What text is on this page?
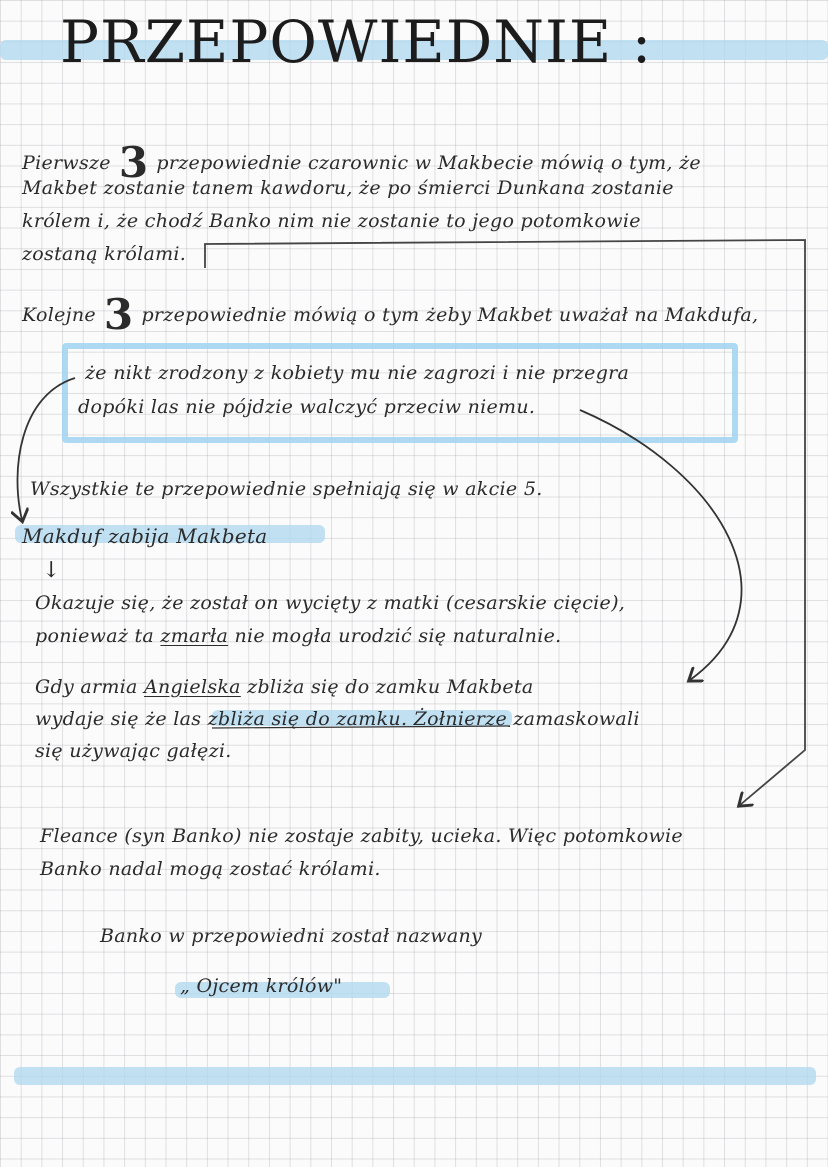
PRZEPOWIEDNIE :
Pierwsze 3 przepowiednie czarownic w Makbecie mówią o tym, że
Makbet zostanie tanem kawdoru, że po śmierci Dunkana zostanie
królem i, że chodź Banko nim nie zostanie to jego potomkowie
zostaną królami.
Kolejne 3 przepowiednie mówią o tym żeby Makbet uważał na Makdufa,
że nikt zrodzony z kobiety mu nie zagrozi i nie przegra
dopóki las nie pójdzie walczyć przeciw niemu.
Wszystkie te przepowiednie spełniają się w akcie 5.
Makduf zabija Makbeta
↓
Okazuje się, że został on wycięty z matki (cesarskie cięcie),
ponieważ ta zmarła nie mogła urodzić się naturalnie.
Gdy armia Angielska zbliża się do zamku Makbeta
wydaje się że las zbliża się do zamku. Żołnierze zamaskowali
się używając gałęzi.
Fleance (syn Banko) nie zostaje zabity, ucieka. Więc potomkowie
Banko nadal mogą zostać królami.
Banko w przepowiedni został nazwany
„ Ojcem królów"
